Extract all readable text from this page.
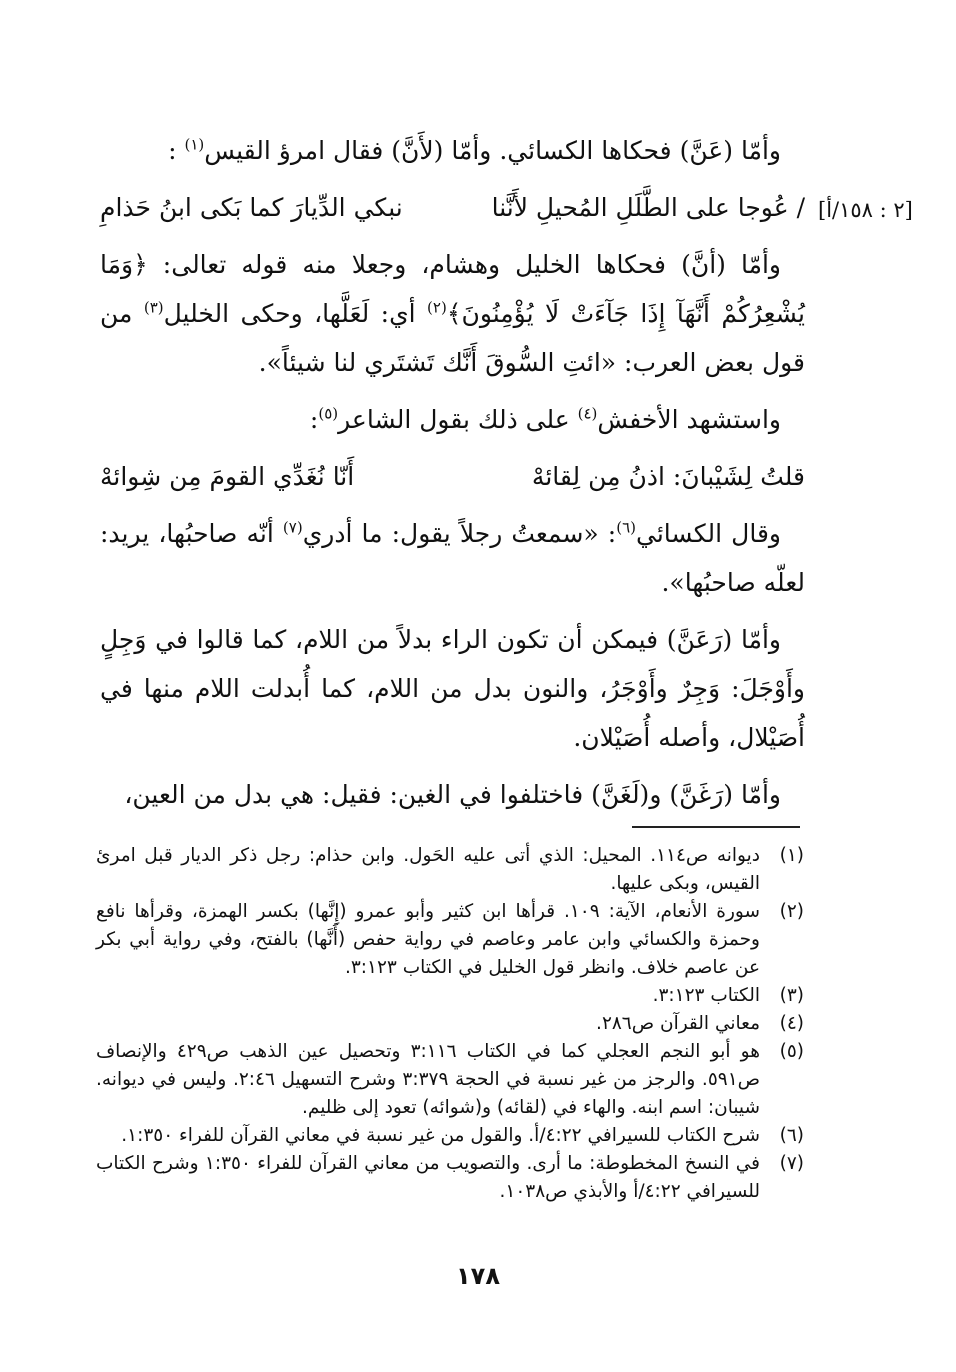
[٢ : ١٥٨/أ]
وأمّا (عَنَّ) فحكاها الكسائي. وأمّا (لأَنَّ) فقال امرؤ القيس$^{(١)}$ :
/ عُوجا على الطَّلَلِ المُحيلِ لأَنَّنا
نبكي الدِّيارَ كما بَكى ابنُ حَذامِ
وأمّا (أنَّ) فحكاها الخليل وهشام، وجعلا منه قوله تعالى: ﴿وَمَا يُشْعِرُكُمْ أَنَّهَآ إِذَا جَآءَتْ لَا يُؤْمِنُونَ﴾$^{(٢)}$ أي: لَعَلَّها، وحكى الخليل$^{(٣)}$ من قول بعض العرب: «ائتِ السُّوقَ أَنَّك تَشتَري لنا شيئاً».
واستشهد الأخفش$^{(٤)}$ على ذلك بقول الشاعر$^{(٥)}$:
قلتُ لِشَيْبانَ: اذنُ مِن لِقائهْ
أَنّا نُغَدِّي القومَ مِن شِوائهْ
وقال الكسائي$^{(٦)}$: «سمعتُ رجلاً يقول: ما أدري$^{(٧)}$ أنّه صاحبُها، يريد: لعلّه صاحبُها».
وأمّا (رَعَنَّ) فيمكن أن تكون الراء بدلاً من اللام، كما قالوا في وَجِلٍ وأَوْجَلَ: وَجِرٌ وأَوْجَرُ، والنون بدل من اللام، كما أُبدلت اللام منها في أُصَيْلال، وأصله أُصَيْلان.
وأمّا (رَغَنَّ) و(لَغَنَّ) فاختلفوا في الغين: فقيل: هي بدل من العين،
(١)
ديوانه ص١١٤. المحيل: الذي أتى عليه الحَول. وابن حذام: رجل ذكر الديار قبل امرئ القيس، وبكى عليها.
(٢)
سورة الأنعام، الآية: ١٠٩. قرأها ابن كثير وأبو عمرو (إِنَّها) بكسر الهمزة، وقرأها نافع وحمزة والكسائي وابن عامر وعاصم في رواية حفص (أَنَّها) بالفتح، وفي رواية أبي بكر عن عاصم خلاف. وانظر قول الخليل في الكتاب ٣:١٢٣.
(٣)
الكتاب ٣:١٢٣.
(٤)
معاني القرآن ص٢٨٦.
(٥)
هو أبو النجم العجلي كما في الكتاب ٣:١١٦ وتحصيل عين الذهب ص٤٢٩ والإنصاف ص٥٩١. والرجز من غير نسبة في الحجة ٣:٣٧٩ وشرح التسهيل ٢:٤٦. وليس في ديوانه. شيبان: اسم ابنه. والهاء في (لقائه) و(شوائه) تعود إلى ظليم.
(٦)
شرح الكتاب للسيرافي ٤:٢٢/أ. والقول من غير نسبة في معاني القرآن للفراء ١:٣٥٠.
(٧)
في النسخ المخطوطة: ما أرى. والتصويب من معاني القرآن للفراء ١:٣٥٠ وشرح الكتاب للسيرافي ٤:٢٢/أ والأبذي ص١٠٣٨.
١٧٨
